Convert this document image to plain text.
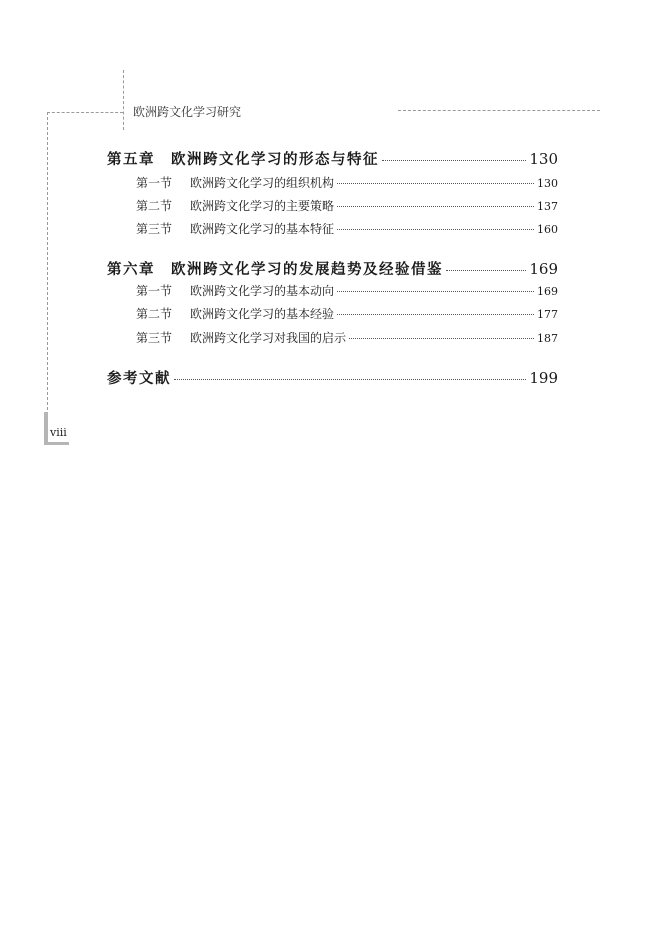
欧洲跨文化学习研究
第五章　欧洲跨文化学习的形态与特征	130
第一节 欧洲跨文化学习的组织机构	130
第二节 欧洲跨文化学习的主要策略	137
第三节 欧洲跨文化学习的基本特征	160
第六章　欧洲跨文化学习的发展趋势及经验借鉴	169
第一节 欧洲跨文化学习的基本动向	169
第二节 欧洲跨文化学习的基本经验	177
第三节 欧洲跨文化学习对我国的启示	187
参考文献	199
viii
